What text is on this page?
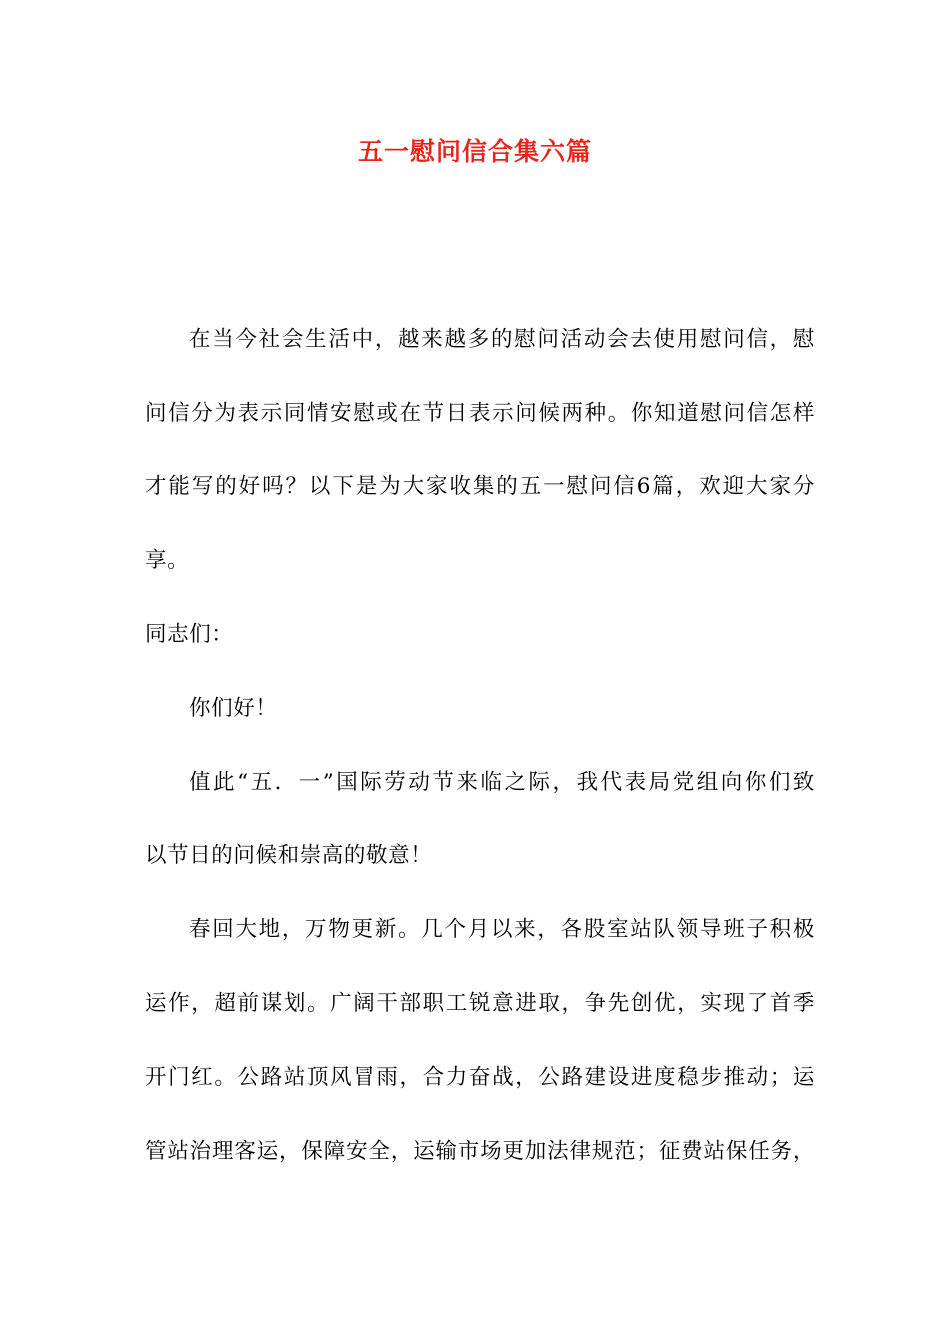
五一慰问信合集六篇
在当今社会生活中，越来越多的慰问活动会去使用慰问信，慰
问信分为表示同情安慰或在节日表示问候两种。你知道慰问信怎样
才能写的好吗？以下是为大家收集的五一慰问信6篇，欢迎大家分
享。
同志们：
你们好！
值此“五．一”国际劳动节来临之际，我代表局党组向你们致
以节日的问候和崇高的敬意！
春回大地，万物更新。几个月以来，各股室站队领导班子积极
运作，超前谋划。广阔干部职工锐意进取，争先创优，实现了首季
开门红。公路站顶风冒雨，合力奋战，公路建设进度稳步推动；运
管站治理客运，保障安全，运输市场更加法律规范；征费站保任务，
